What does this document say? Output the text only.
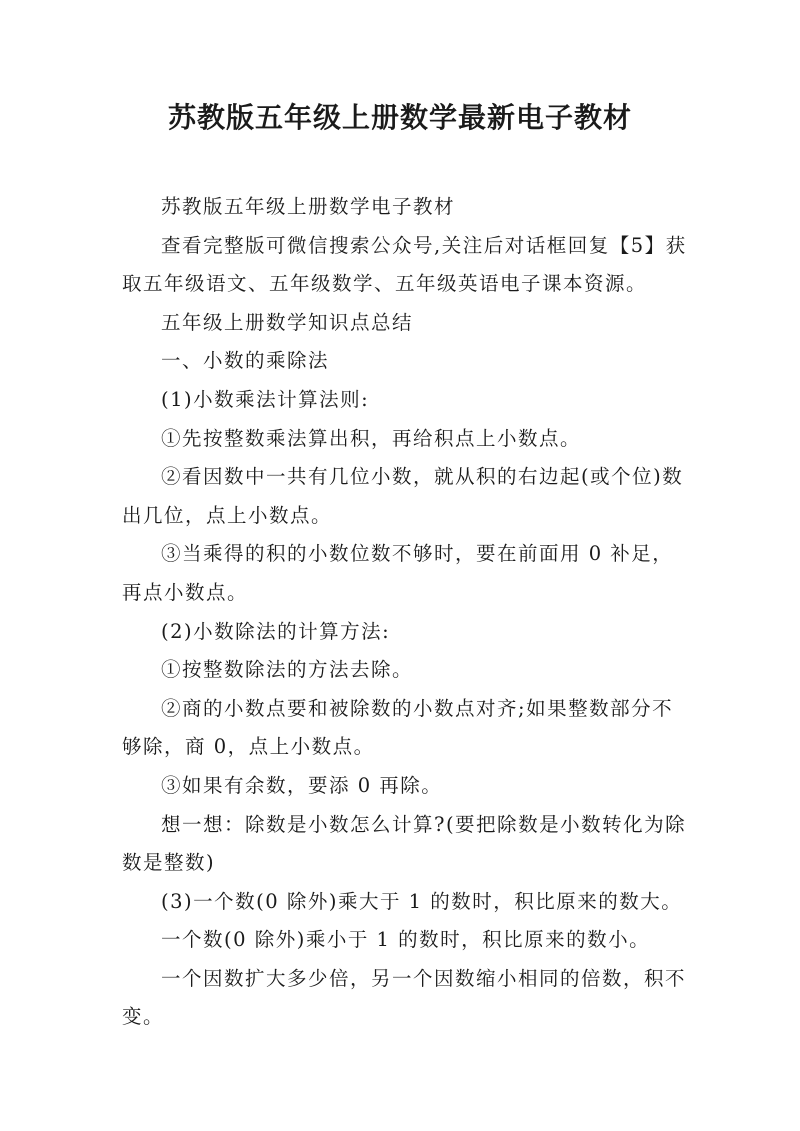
苏教版五年级上册数学最新电子教材

苏教版五年级上册数学电子教材

查看完整版可微信搜索公众号,关注后对话框回复【5】获取五年级语文、五年级数学、五年级英语电子课本资源。

五年级上册数学知识点总结

一、小数的乘除法

(1)小数乘法计算法则:

①先按整数乘法算出积，再给积点上小数点。

②看因数中一共有几位小数，就从积的右边起(或个位)数出几位，点上小数点。

③当乘得的积的小数位数不够时，要在前面用 0 补足，再点小数点。

(2)小数除法的计算方法:

①按整数除法的方法去除。

②商的小数点要和被除数的小数点对齐;如果整数部分不够除，商 0，点上小数点。

③如果有余数，要添 0 再除。

想一想：除数是小数怎么计算?(要把除数是小数转化为除数是整数)

(3)一个数(0 除外)乘大于 1 的数时，积比原来的数大。

一个数(0 除外)乘小于 1 的数时，积比原来的数小。

一个因数扩大多少倍，另一个因数缩小相同的倍数，积不变。
